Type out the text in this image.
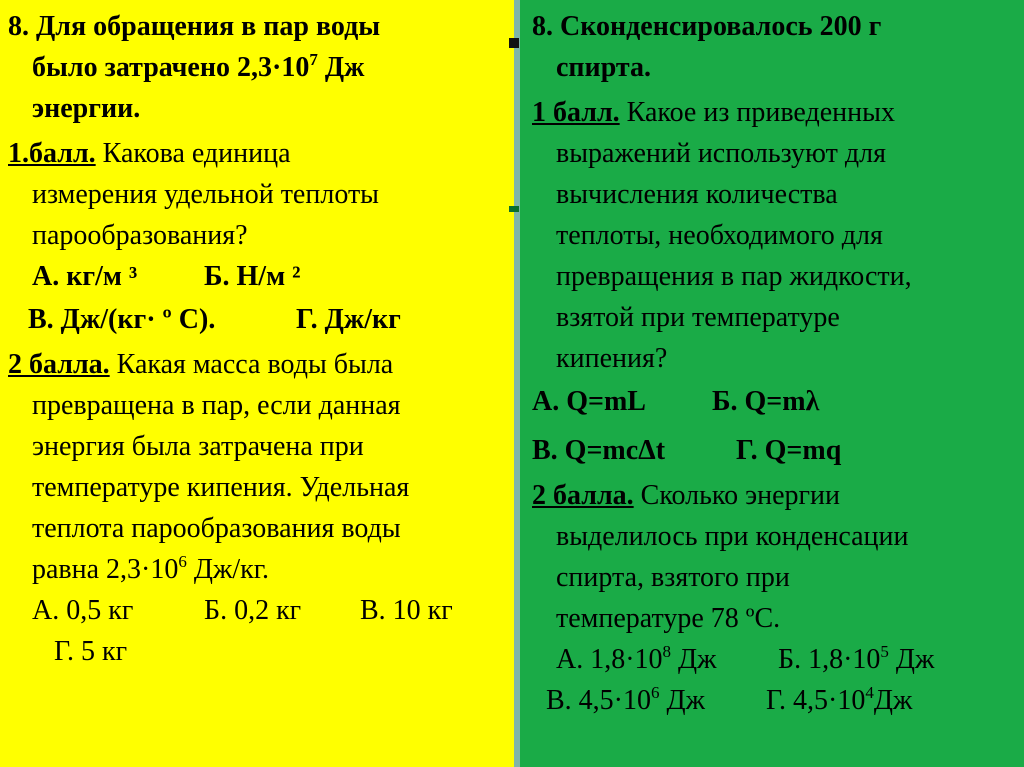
8. Для обращения в пар воды
было затрачено $2,3\cdot 10^7$ Дж
энергии.
1.балл. Какова единица
измерения удельной теплоты
парообразования?
А. кг/м ³ Б. Н/м ²
В. Дж/(кг· º С).	Г. Дж/кг
2 балла. Какая масса воды была
превращена в пар, если данная
энергия была затрачена при
температуре кипения. Удельная
теплота парообразования воды
равна $2,3\cdot 10^6$ Дж/кг.
А. 0,5 кг	Б. 0,2 кг В. 10 кг
Г. 5 кг
8. Сконденсировалось 200 г
спирта.
1 балл. Какое из приведенных
выражений используют для
вычисления количества
теплоты, необходимого для
превращения в пар жидкости,
взятой при температуре
кипения?
А. Q=mL Б. Q=mλ
В. Q=mcΔt	Г. Q=mq
2 балла. Сколько энергии
выделилось при конденсации
спирта, взятого при
температуре 78 ºС.
А. $1,8\cdot 10^8$ Дж Б. $1,8\cdot 10^5$ Дж
В. $4,5\cdot 10^6$ Дж Г. $4,5\cdot 10^4Дж$
